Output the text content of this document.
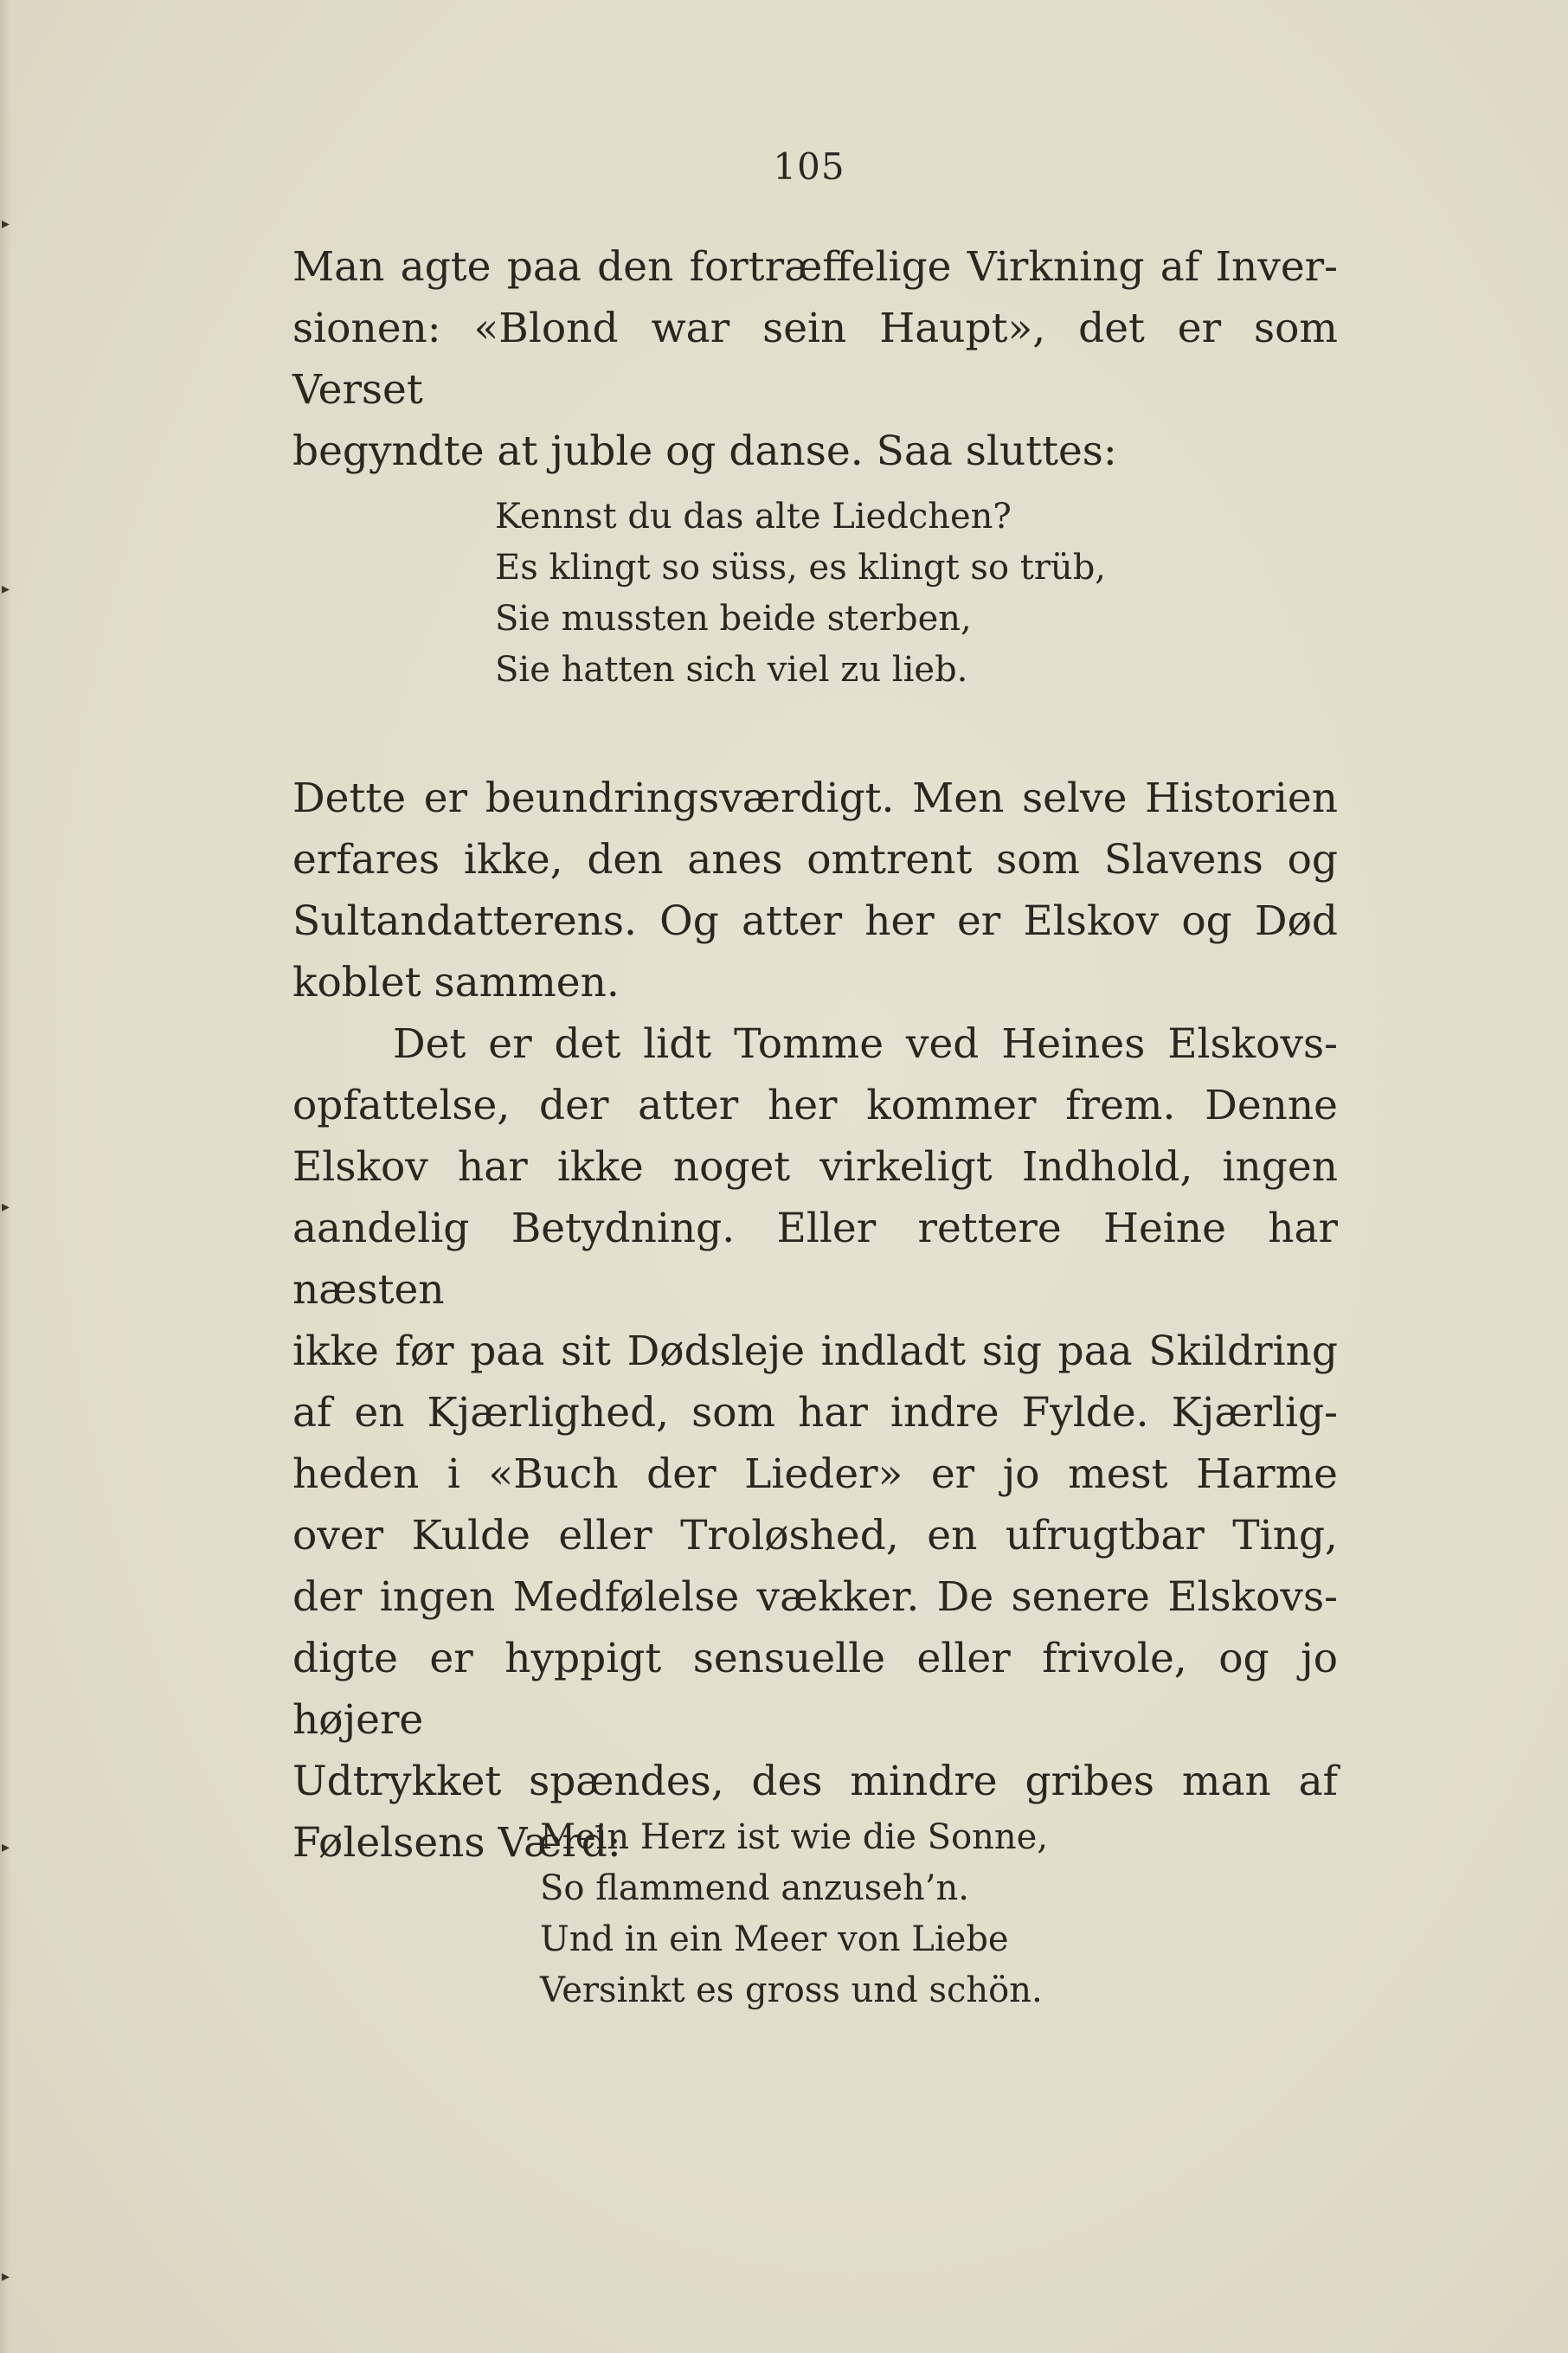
▸
▸
▸
▸
▸
105

Man agte paa den fortræffelige Virkning af Inver-
sionen: «Blond war sein Haupt», det er som Verset
begyndte at juble og danse. Saa sluttes:

Kennst du das alte Liedchen?
Es klingt so süss, es klingt so trüb,
Sie mussten beide sterben,
Sie hatten sich viel zu lieb.

Dette er beundringsværdigt. Men selve Historien
erfares ikke, den anes omtrent som Slavens og
Sultandatterens. Og atter her er Elskov og Død
koblet sammen.

Det er det lidt Tomme ved Heines Elskovs-
opfattelse, der atter her kommer frem. Denne
Elskov har ikke noget virkeligt Indhold, ingen
aandelig Betydning. Eller rettere Heine har næsten
ikke før paa sit Dødsleje indladt sig paa Skildring
af en Kjærlighed, som har indre Fylde. Kjærlig-
heden i «Buch der Lieder» er jo mest Harme
over Kulde eller Troløshed, en ufrugtbar Ting,
der ingen Medfølelse vækker. De senere Elskovs-
digte er hyppigt sensuelle eller frivole, og jo højere
Udtrykket spændes, des mindre gribes man af
Følelsens Værd:

Mein Herz ist wie die Sonne,
So flammend anzuseh’n.
Und in ein Meer von Liebe
Versinkt es gross und schön.
